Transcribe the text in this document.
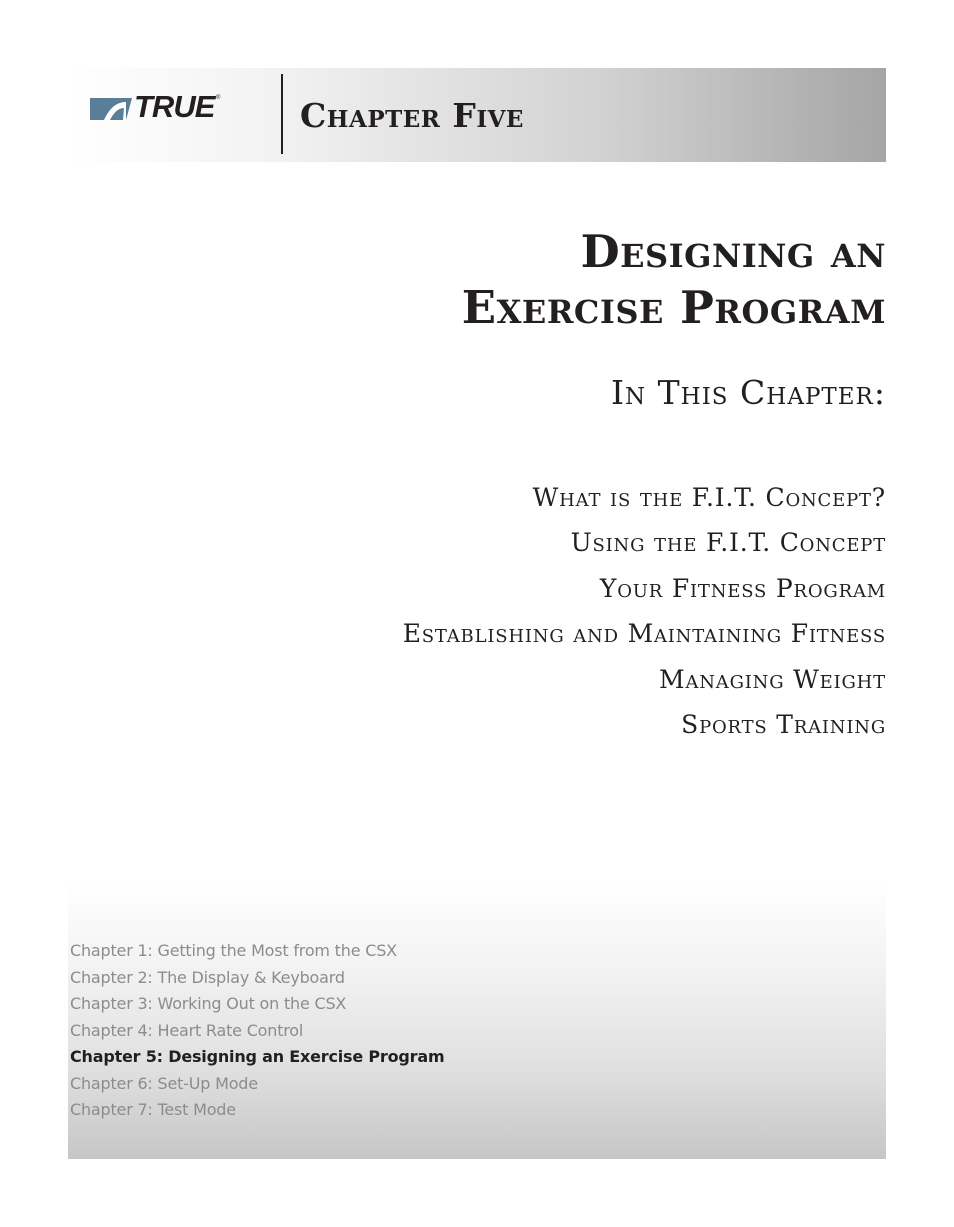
TRUE ® Chapter Five
Designing an
Exercise Program
In This Chapter:
What is the F.I.T. Concept?
Using the F.I.T. Concept
Your Fitness Program
Establishing and Maintaining Fitness
Managing Weight
Sports Training
Chapter 1: Getting the Most from the CSX
Chapter 2: The Display & Keyboard
Chapter 3: Working Out on the CSX
Chapter 4: Heart Rate Control
Chapter 5: Designing an Exercise Program
Chapter 6: Set-Up Mode
Chapter 7: Test Mode
